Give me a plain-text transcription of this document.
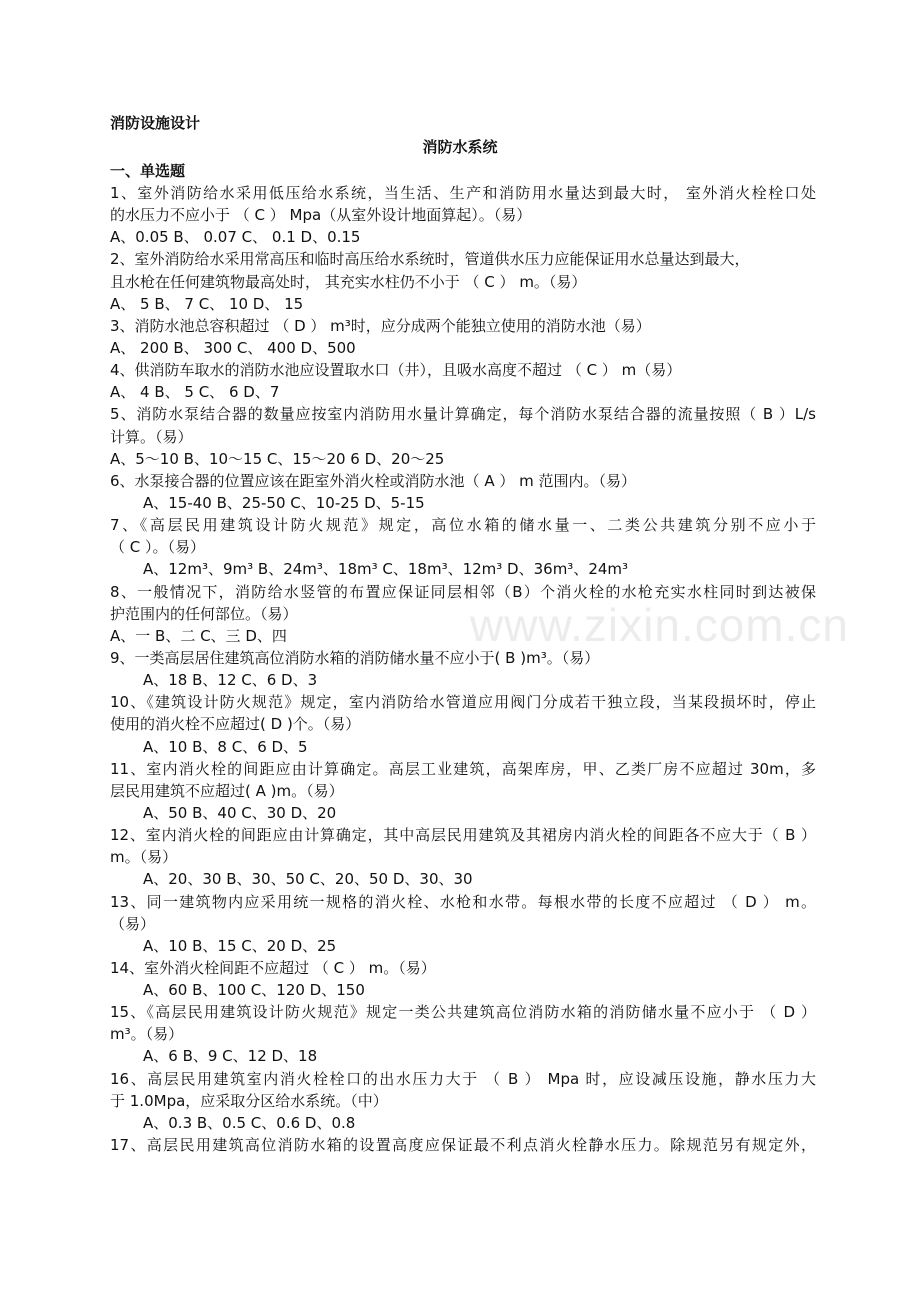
消防设施设计
消防水系统
一、单选题
1、室外消防给水采用低压给水系统，当生活、生产和消防用水量达到最大时， 室外消火栓栓口处
的水压力不应小于 （ C ） Mpa（从室外设计地面算起）。（易）
A、0.05 B、 0.07 C、 0.1 D、0.15
2、室外消防给水采用常高压和临时高压给水系统时，管道供水压力应能保证用水总量达到最大，
且水枪在任何建筑物最高处时， 其充实水柱仍不小于 （ C ） m。（易）
A、 5 B、 7 C、 10 D、 15
3、消防水池总容积超过 （ D ） m³时，应分成两个能独立使用的消防水池（易）
A、 200 B、 300 C、 400 D、500
4、供消防车取水的消防水池应设置取水口（井），且吸水高度不超过 （ C ） m（易）
A、 4 B、 5 C、 6 D、7
5、消防水泵结合器的数量应按室内消防用水量计算确定，每个消防水泵结合器的流量按照（ B ）L/s
计算。（易）
A、5～10 B、10～15 C、15～20 6 D、20～25
6、水泵接合器的位置应该在距室外消火栓或消防水池（ A ） m 范围内。（易）
A、15-40 B、25-50 C、10-25 D、5-15
7、《高层民用建筑设计防火规范》规定，高位水箱的储水量一、二类公共建筑分别不应小于
（ C ）。（易）
A、12m³、9m³ B、24m³、18m³ C、18m³、12m³ D、36m³、24m³
8、一般情况下，消防给水竖管的布置应保证同层相邻（B）个消火栓的水枪充实水柱同时到达被保
护范围内的任何部位。（易）
A、一 B、二 C、三 D、四
9、一类高层居住建筑高位消防水箱的消防储水量不应小于( B )m³。（易）
A、18 B、12 C、6 D、3
10、《建筑设计防火规范》规定，室内消防给水管道应用阀门分成若干独立段，当某段损坏时，停止
使用的消火栓不应超过( D )个。（易）
A、10 B、8 C、6 D、5
11、室内消火栓的间距应由计算确定。高层工业建筑，高架库房，甲、乙类厂房不应超过 30m，多
层民用建筑不应超过( A )m。（易）
A、50 B、40 C、30 D、20
12、室内消火栓的间距应由计算确定，其中高层民用建筑及其裙房内消火栓的间距各不应大于（ B ）
m。（易）
A、20、30 B、30、50 C、20、50 D、30、30
13、同一建筑物内应采用统一规格的消火栓、水枪和水带。每根水带的长度不应超过 （ D ） m。
（易）
A、10 B、15 C、20 D、25
14、室外消火栓间距不应超过 （ C ） m。（易）
A、60 B、100 C、120 D、150
15、《高层民用建筑设计防火规范》规定一类公共建筑高位消防水箱的消防储水量不应小于 （ D ）
m³。（易）
A、6 B、9 C、12 D、18
16、高层民用建筑室内消火栓栓口的出水压力大于 （ B ） Mpa 时，应设减压设施，静水压力大
于 1.0Mpa，应采取分区给水系统。（中）
A、0.3 B、0.5 C、0.6 D、0.8
17、高层民用建筑高位消防水箱的设置高度应保证最不利点消火栓静水压力。除规范另有规定外，
www.zixin.com.cn
